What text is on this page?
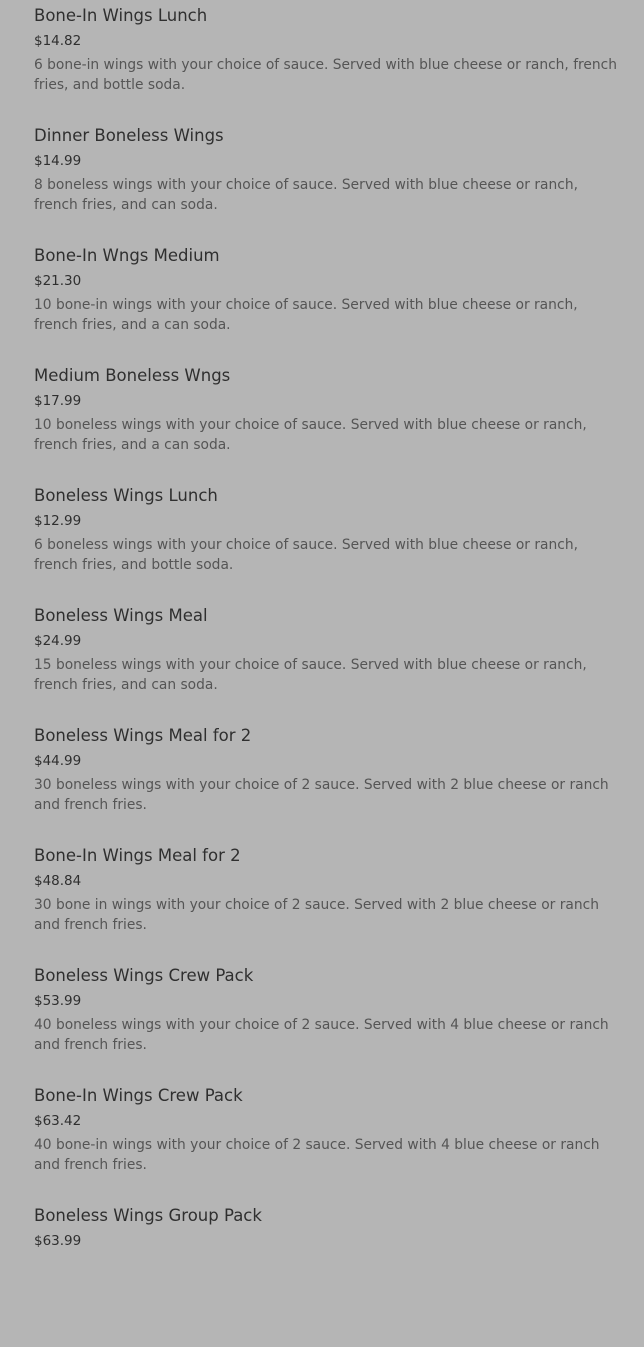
Bone-In Wings Lunch
$14.82
6 bone-in wings with your choice of sauce. Served with blue cheese or ranch, french fries, and bottle soda.
Dinner Boneless Wings
$14.99
8 boneless wings with your choice of sauce. Served with blue cheese or ranch, french fries, and can soda.
Bone-In Wngs Medium
$21.30
10 bone-in wings with your choice of sauce. Served with blue cheese or ranch, french fries, and a can soda.
Medium Boneless Wngs
$17.99
10 boneless wings with your choice of sauce. Served with blue cheese or ranch, french fries, and a can soda.
Boneless Wings Lunch
$12.99
6 boneless wings with your choice of sauce. Served with blue cheese or ranch, french fries, and bottle soda.
Boneless Wings Meal
$24.99
15 boneless wings with your choice of sauce. Served with blue cheese or ranch, french fries, and can soda.
Boneless Wings Meal for 2
$44.99
30 boneless wings with your choice of 2 sauce. Served with 2 blue cheese or ranch and french fries.
Bone-In Wings Meal for 2
$48.84
30 bone in wings with your choice of 2 sauce. Served with 2 blue cheese or ranch and french fries.
Boneless Wings Crew Pack
$53.99
40 boneless wings with your choice of 2 sauce. Served with 4 blue cheese or ranch and french fries.
Bone-In Wings Crew Pack
$63.42
40 bone-in wings with your choice of 2 sauce. Served with 4 blue cheese or ranch and french fries.
Boneless Wings Group Pack
$63.99
